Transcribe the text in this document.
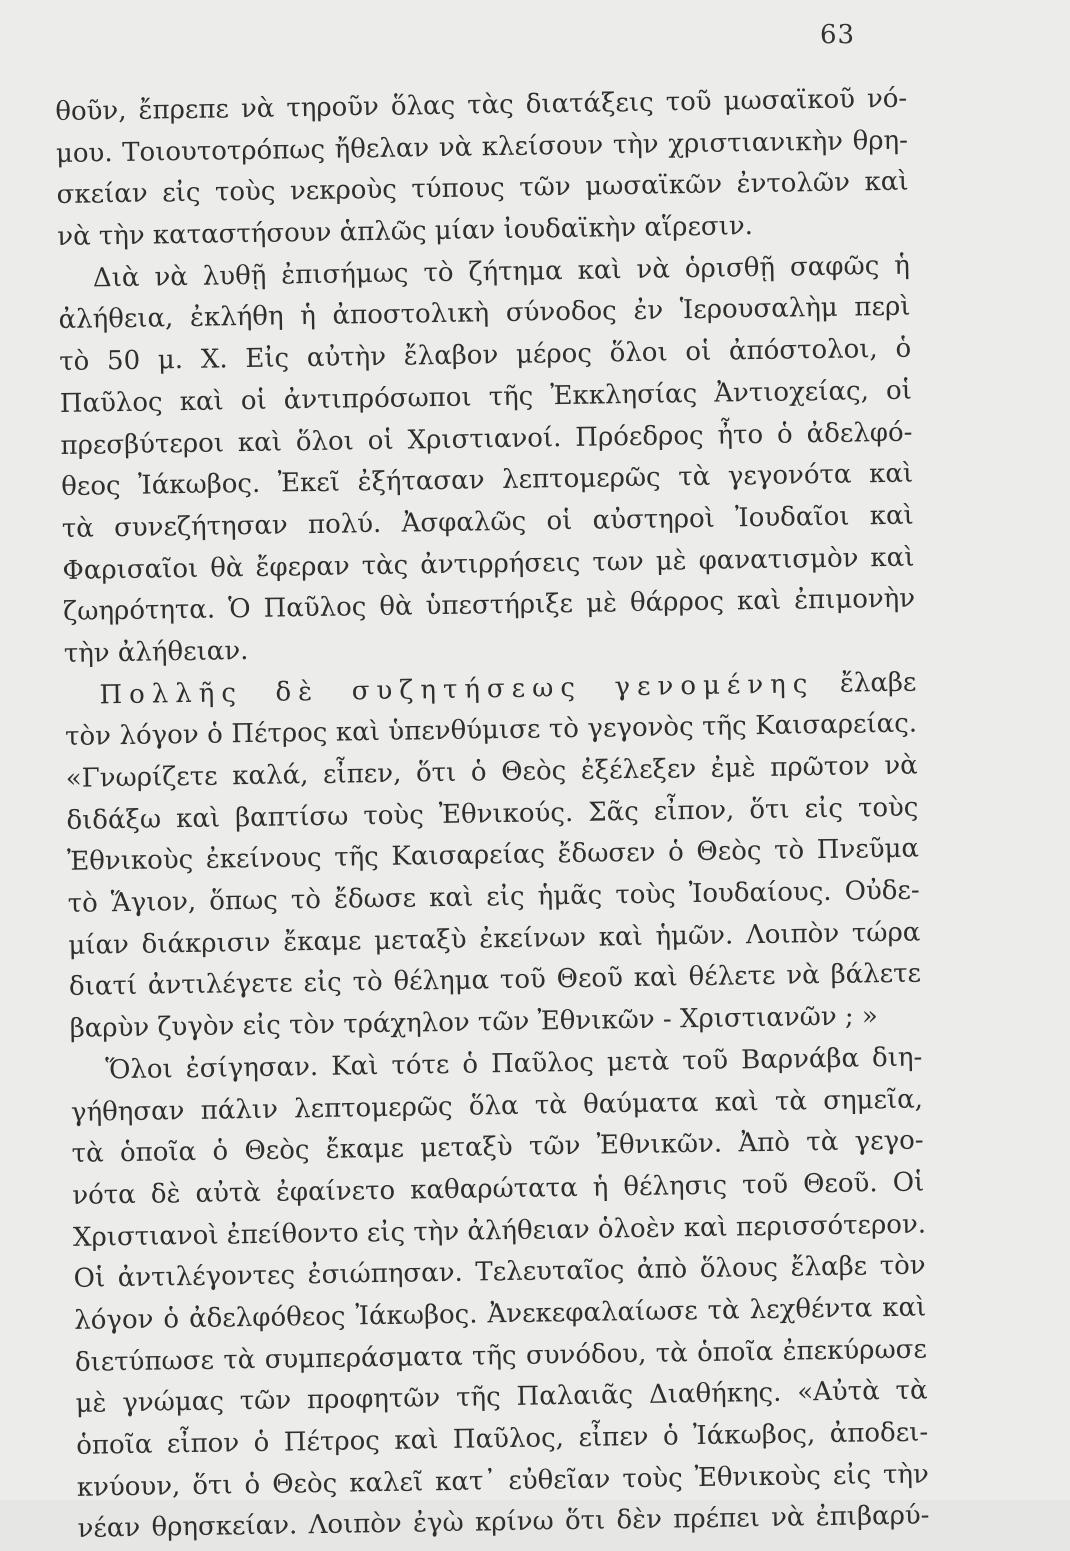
63
θοῦν, ἔπρεπε νὰ τηροῦν ὅλας τὰς διατάξεις τοῦ μωσαϊκοῦ νό-
μου. Τοιουτοτρόπως ἤθελαν νὰ κλείσουν τὴν χριστιανικὴν θρη-
σκείαν εἰς τοὺς νεκροὺς τύπους τῶν μωσαϊκῶν ἐντολῶν καὶ
νὰ τὴν καταστήσουν ἁπλῶς μίαν ἰουδαϊκὴν αἵρεσιν.
Διὰ νὰ λυθῇ ἐπισήμως τὸ ζήτημα καὶ νὰ ὁρισθῇ σαφῶς ἡ
ἀλήθεια, ἐκλήθη ἡ ἀποστολικὴ σύνοδος ἐν Ἱερουσαλὴμ περὶ
τὸ 50 μ. Χ. Εἰς αὐτὴν ἔλαβον μέρος ὅλοι οἱ ἀπόστολοι, ὁ
Παῦλος καὶ οἱ ἀντιπρόσωποι τῆς Ἐκκλησίας Ἀντιοχείας, οἱ
πρεσβύτεροι καὶ ὅλοι οἱ Χριστιανοί. Πρόεδρος ἦτο ὁ ἀδελφό-
θεος Ἰάκωβος. Ἐκεῖ ἐξήτασαν λεπτομερῶς τὰ γεγονότα καὶ
τὰ συνεζήτησαν πολύ. Ἀσφαλῶς οἱ αὐστηροὶ Ἰουδαῖοι καὶ
Φαρισαῖοι θὰ ἔφεραν τὰς ἀντιρρήσεις των μὲ φανατισμὸν καὶ
ζωηρότητα. Ὁ Παῦλος θὰ ὑπεστήριξε μὲ θάρρος καὶ ἐπιμονὴν
τὴν ἀλήθειαν.
Πολλῆς δὲ συζητήσεως γενομένης ἔλαβε
τὸν λόγον ὁ Πέτρος καὶ ὑπενθύμισε τὸ γεγονὸς τῆς Καισαρείας.
«Γνωρίζετε καλά, εἶπεν, ὅτι ὁ Θεὸς ἐξέλεξεν ἐμὲ πρῶτον νὰ
διδάξω καὶ βαπτίσω τοὺς Ἐθνικούς. Σᾶς εἶπον, ὅτι εἰς τοὺς
Ἐθνικοὺς ἐκείνους τῆς Καισαρείας ἔδωσεν ὁ Θεὸς τὸ Πνεῦμα
τὸ Ἅγιον, ὅπως τὸ ἔδωσε καὶ εἰς ἡμᾶς τοὺς Ἰουδαίους. Οὐδε-
μίαν διάκρισιν ἔκαμε μεταξὺ ἐκείνων καὶ ἡμῶν. Λοιπὸν τώρα
διατί ἀντιλέγετε εἰς τὸ θέλημα τοῦ Θεοῦ καὶ θέλετε νὰ βάλετε
βαρὺν ζυγὸν εἰς τὸν τράχηλον τῶν Ἐθνικῶν - Χριστιανῶν ; »
Ὅλοι ἐσίγησαν. Καὶ τότε ὁ Παῦλος μετὰ τοῦ Βαρνάβα διη-
γήθησαν πάλιν λεπτομερῶς ὅλα τὰ θαύματα καὶ τὰ σημεῖα,
τὰ ὁποῖα ὁ Θεὸς ἔκαμε μεταξὺ τῶν Ἐθνικῶν. Ἀπὸ τὰ γεγο-
νότα δὲ αὐτὰ ἐφαίνετο καθαρώτατα ἡ θέλησις τοῦ Θεοῦ. Οἱ
Χριστιανοὶ ἐπείθοντο εἰς τὴν ἀλήθειαν ὁλοὲν καὶ περισσότερον.
Οἱ ἀντιλέγοντες ἐσιώπησαν. Τελευταῖος ἀπὸ ὅλους ἔλαβε τὸν
λόγον ὁ ἀδελφόθεος Ἰάκωβος. Ἀνεκεφαλαίωσε τὰ λεχθέντα καὶ
διετύπωσε τὰ συμπεράσματα τῆς συνόδου, τὰ ὁποῖα ἐπεκύρωσε
μὲ γνώμας τῶν προφητῶν τῆς Παλαιᾶς Διαθήκης. «Αὐτὰ τὰ
ὁποῖα εἶπον ὁ Πέτρος καὶ Παῦλος, εἶπεν ὁ Ἰάκωβος, ἀποδει-
κνύουν, ὅτι ὁ Θεὸς καλεῖ κατ᾽ εὐθεῖαν τοὺς Ἐθνικοὺς εἰς τὴν
νέαν θρησκείαν. Λοιπὸν ἐγὼ κρίνω ὅτι δὲν πρέπει νὰ ἐπιβαρύ-
